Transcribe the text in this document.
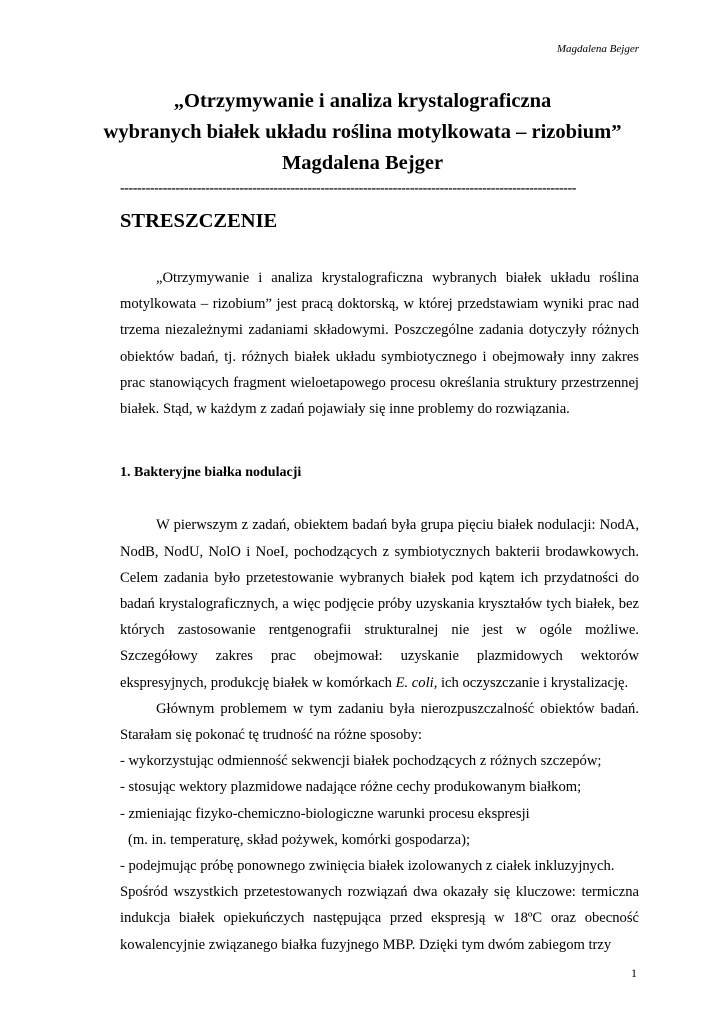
Magdalena Bejger
„Otrzymywanie i analiza krystalograficzna
wybranych białek układu roślina motylkowata – rizobium”
Magdalena Bejger
-----------------------------------------------------------------------------------------------------------
STRESZCZENIE

„Otrzymywanie i analiza krystalograficzna wybranych białek układu roślina motylkowata – rizobium” jest pracą doktorską, w której przedstawiam wyniki prac nad trzema niezależnymi zadaniami składowymi. Poszczególne zadania dotyczyły różnych obiektów badań, tj. różnych białek układu symbiotycznego i obejmowały inny zakres prac stanowiących fragment wieloetapowego procesu określania struktury przestrzennej białek. Stąd, w każdym z zadań pojawiały się inne problemy do rozwiązania.

1. Bakteryjne białka nodulacji

W pierwszym z zadań, obiektem badań była grupa pięciu białek nodulacji: NodA, NodB, NodU, NolO i NoeI, pochodzących z symbiotycznych bakterii brodawkowych. Celem zadania było przetestowanie wybranych białek pod kątem ich przydatności do badań krystalograficznych, a więc podjęcie próby uzyskania kryształów tych białek, bez których zastosowanie rentgenografii strukturalnej nie jest w ogóle możliwe. Szczegółowy zakres prac obejmował: uzyskanie plazmidowych wektorów ekspresyjnych, produkcję białek w komórkach E. coli, ich oczyszczanie i krystalizację.

Głównym problemem w tym zadaniu była nierozpuszczalność obiektów badań. Starałam się pokonać tę trudność na różne sposoby:

- wykorzystując odmienność sekwencji białek pochodzących z różnych szczepów;

- stosując wektory plazmidowe nadające różne cechy produkowanym białkom;

- zmieniając fizyko-chemiczno-biologiczne warunki procesu ekspresji

(m. in. temperaturę, skład pożywek, komórki gospodarza);

- podejmując próbę ponownego zwinięcia białek izolowanych z ciałek inkluzyjnych.

Spośród wszystkich przetestowanych rozwiązań dwa okazały się kluczowe: termiczna indukcja białek opiekuńczych następująca przed ekspresją w 18ºC oraz obecność kowalencyjnie związanego białka fuzyjnego MBP. Dzięki tym dwóm zabiegom trzy

1
